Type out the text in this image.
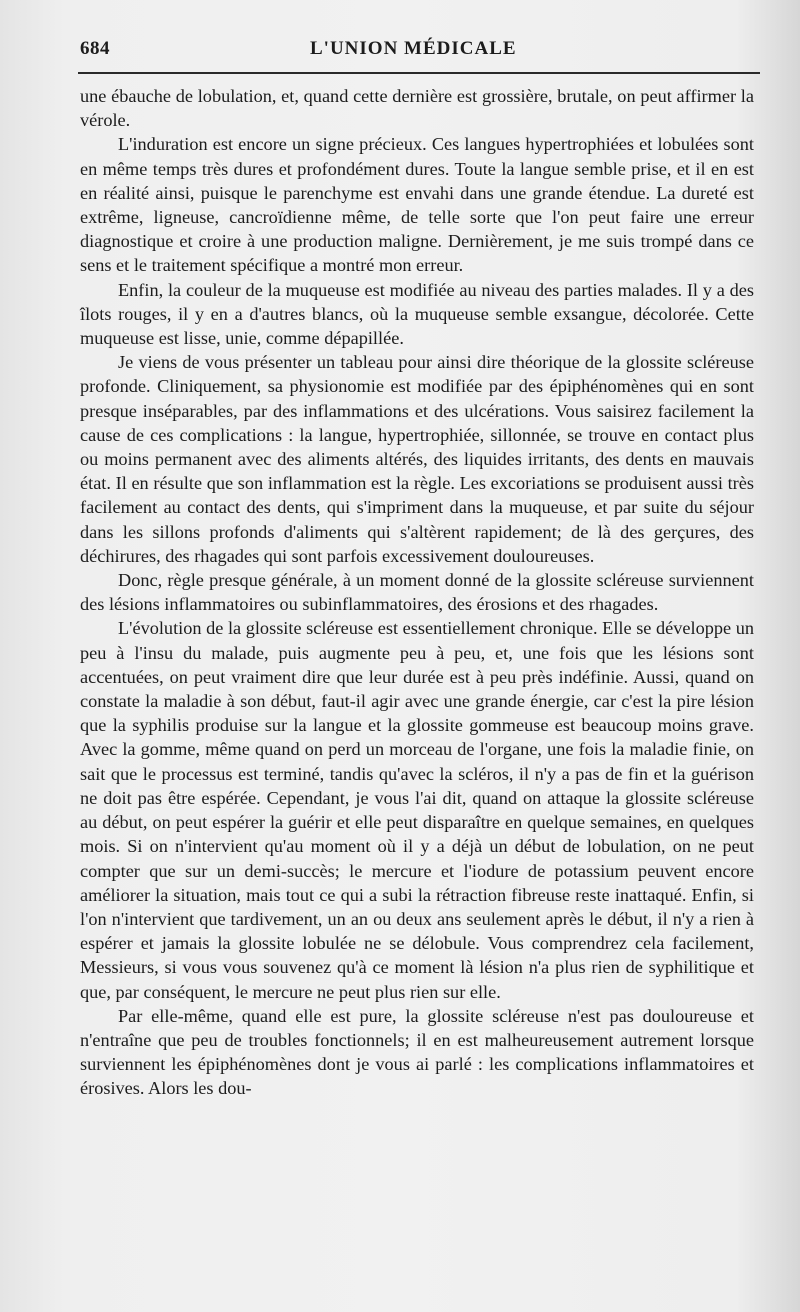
684	L'UNION MÉDICALE

une ébauche de lobulation, et, quand cette dernière est grossière, brutale, on peut affirmer la vérole.

L'induration est encore un signe précieux. Ces langues hypertrophiées et lobulées sont en même temps très dures et profondément dures. Toute la langue semble prise, et il en est en réalité ainsi, puisque le parenchyme est envahi dans une grande étendue. La dureté est extrême, ligneuse, cancroïdienne même, de telle sorte que l'on peut faire une erreur diagnostique et croire à une production maligne. Dernièrement, je me suis trompé dans ce sens et le traitement spécifique a montré mon erreur.

Enfin, la couleur de la muqueuse est modifiée au niveau des parties malades. Il y a des îlots rouges, il y en a d'autres blancs, où la muqueuse semble exsangue, décolorée. Cette muqueuse est lisse, unie, comme dépapillée.

Je viens de vous présenter un tableau pour ainsi dire théorique de la glossite scléreuse profonde. Cliniquement, sa physionomie est modifiée par des épiphénomènes qui en sont presque inséparables, par des inflammations et des ulcérations. Vous saisirez facilement la cause de ces complications : la langue, hypertrophiée, sillonnée, se trouve en contact plus ou moins permanent avec des aliments altérés, des liquides irritants, des dents en mauvais état. Il en résulte que son inflammation est la règle. Les excoriations se produisent aussi très facilement au contact des dents, qui s'impriment dans la muqueuse, et par suite du séjour dans les sillons profonds d'aliments qui s'altèrent rapidement; de là des gerçures, des déchirures, des rhagades qui sont parfois excessivement douloureuses.

Donc, règle presque générale, à un moment donné de la glossite scléreuse surviennent des lésions inflammatoires ou subinflammatoires, des érosions et des rhagades.

L'évolution de la glossite scléreuse est essentiellement chronique. Elle se développe un peu à l'insu du malade, puis augmente peu à peu, et, une fois que les lésions sont accentuées, on peut vraiment dire que leur durée est à peu près indéfinie. Aussi, quand on constate la maladie à son début, faut-il agir avec une grande énergie, car c'est la pire lésion que la syphilis produise sur la langue et la glossite gommeuse est beaucoup moins grave. Avec la gomme, même quand on perd un morceau de l'organe, une fois la maladie finie, on sait que le processus est terminé, tandis qu'avec la scléros, il n'y a pas de fin et la guérison ne doit pas être espérée. Cependant, je vous l'ai dit, quand on attaque la glossite scléreuse au début, on peut espérer la guérir et elle peut disparaître en quelque semaines, en quelques mois. Si on n'intervient qu'au moment où il y a déjà un début de lobulation, on ne peut compter que sur un demi-succès; le mercure et l'iodure de potassium peuvent encore améliorer la situation, mais tout ce qui a subi la rétraction fibreuse reste inattaqué. Enfin, si l'on n'intervient que tardivement, un an ou deux ans seulement après le début, il n'y a rien à espérer et jamais la glossite lobulée ne se délobule. Vous comprendrez cela facilement, Messieurs, si vous vous souvenez qu'à ce moment là lésion n'a plus rien de syphilitique et que, par conséquent, le mercure ne peut plus rien sur elle.

Par elle-même, quand elle est pure, la glossite scléreuse n'est pas douloureuse et n'entraîne que peu de troubles fonctionnels; il en est malheureusement autrement lorsque surviennent les épiphénomènes dont je vous ai parlé : les complications inflammatoires et érosives. Alors les dou-
